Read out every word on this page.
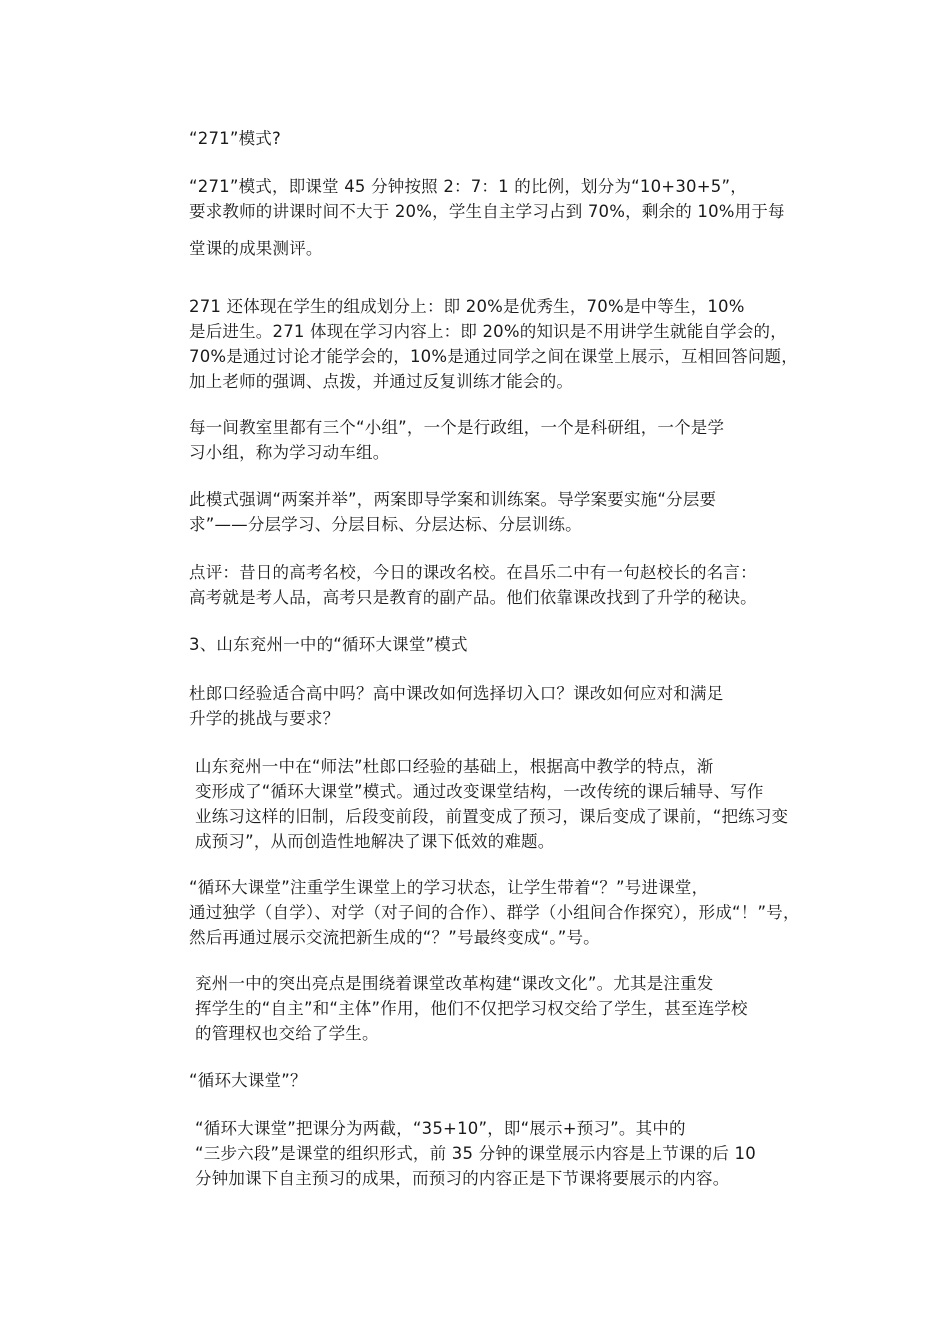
“271”模式?

“271”模式，即课堂 45 分钟按照 2：7：1 的比例，划分为“10+30+5”，
要求教师的讲课时间不大于 20%，学生自主学习占到 70%，剩余的 10%用于每
堂课的成果测评。

271 还体现在学生的组成划分上：即 20%是优秀生，70%是中等生，10%
是后进生。271 体现在学习内容上：即 20%的知识是不用讲学生就能自学会的，
70%是通过讨论才能学会的，10%是通过同学之间在课堂上展示，互相回答问题，
加上老师的强调、点拨，并通过反复训练才能会的。

每一间教室里都有三个“小组”，一个是行政组，一个是科研组，一个是学
习小组，称为学习动车组。

此模式强调“两案并举”，两案即导学案和训练案。导学案要实施“分层要
求”——分层学习、分层目标、分层达标、分层训练。

点评：昔日的高考名校，今日的课改名校。在昌乐二中有一句赵校长的名言：
高考就是考人品，高考只是教育的副产品。他们依靠课改找到了升学的秘诀。

3、山东兖州一中的“循环大课堂”模式

杜郎口经验适合高中吗？高中课改如何选择切入口？课改如何应对和满足
升学的挑战与要求？

山东兖州一中在“师法”杜郎口经验的基础上，根据高中教学的特点，渐
变形成了“循环大课堂”模式。通过改变课堂结构，一改传统的课后辅导、写作
业练习这样的旧制，后段变前段，前置变成了预习，课后变成了课前，“把练习变
成预习”，从而创造性地解决了课下低效的难题。

“循环大课堂”注重学生课堂上的学习状态，让学生带着“？”号进课堂，
通过独学（自学）、对学（对子间的合作）、群学（小组间合作探究），形成“！”号，
然后再通过展示交流把新生成的“？”号最终变成“。”号。

兖州一中的突出亮点是围绕着课堂改革构建“课改文化”。尤其是注重发
挥学生的“自主”和“主体”作用，他们不仅把学习权交给了学生，甚至连学校
的管理权也交给了学生。

“循环大课堂”？

“循环大课堂”把课分为两截，“35+10”，即“展示+预习”。其中的
“三步六段”是课堂的组织形式，前 35 分钟的课堂展示内容是上节课的后 10
分钟加课下自主预习的成果，而预习的内容正是下节课将要展示的内容。
